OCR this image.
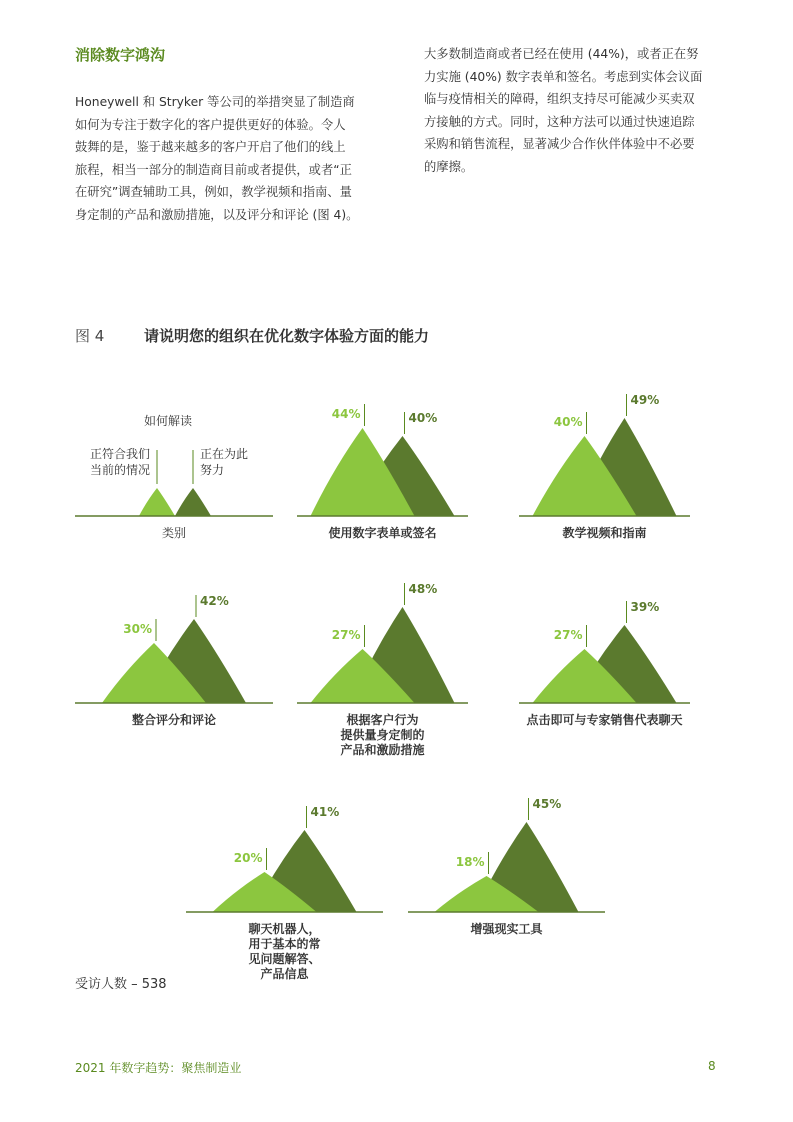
消除数字鸿沟
Honeywell 和 Stryker 等公司的举措突显了制造商
如何为专注于数字化的客户提供更好的体验。令人
鼓舞的是，鉴于越来越多的客户开启了他们的线上
旅程，相当一部分的制造商目前或者提供，或者“正
在研究”调查辅助工具，例如，教学视频和指南、量
身定制的产品和激励措施，以及评分和评论 (图 4)。
大多数制造商或者已经在使用 (44%)，或者正在努
力实施 (40%) 数字表单和签名。考虑到实体会议面
临与疫情相关的障碍，组织支持尽可能减少买卖双
方接触的方式。同时，这种方法可以通过快速追踪
采购和销售流程，显著减少合作伙伴体验中不必要
的摩擦。
图 4	请说明您的组织在优化数字体验方面的能力
44%	40%
使用数字表单或签名
40%
49%
教学视频和指南
30%
42%
整合评分和评论
27%
48%
根据客户行为
提供量身定制的
产品和激励措施
27%
39%
点击即可与专家销售代表聊天
20%
41%
聊天机器人，
用于基本的常
见问题解答、
产品信息
18%
45%
增强现实工具
如何解读
正符合我们
当前的情况
正在为此
努力
类别
受访人数 – 538
2021 年数字趋势：聚焦制造业	8
